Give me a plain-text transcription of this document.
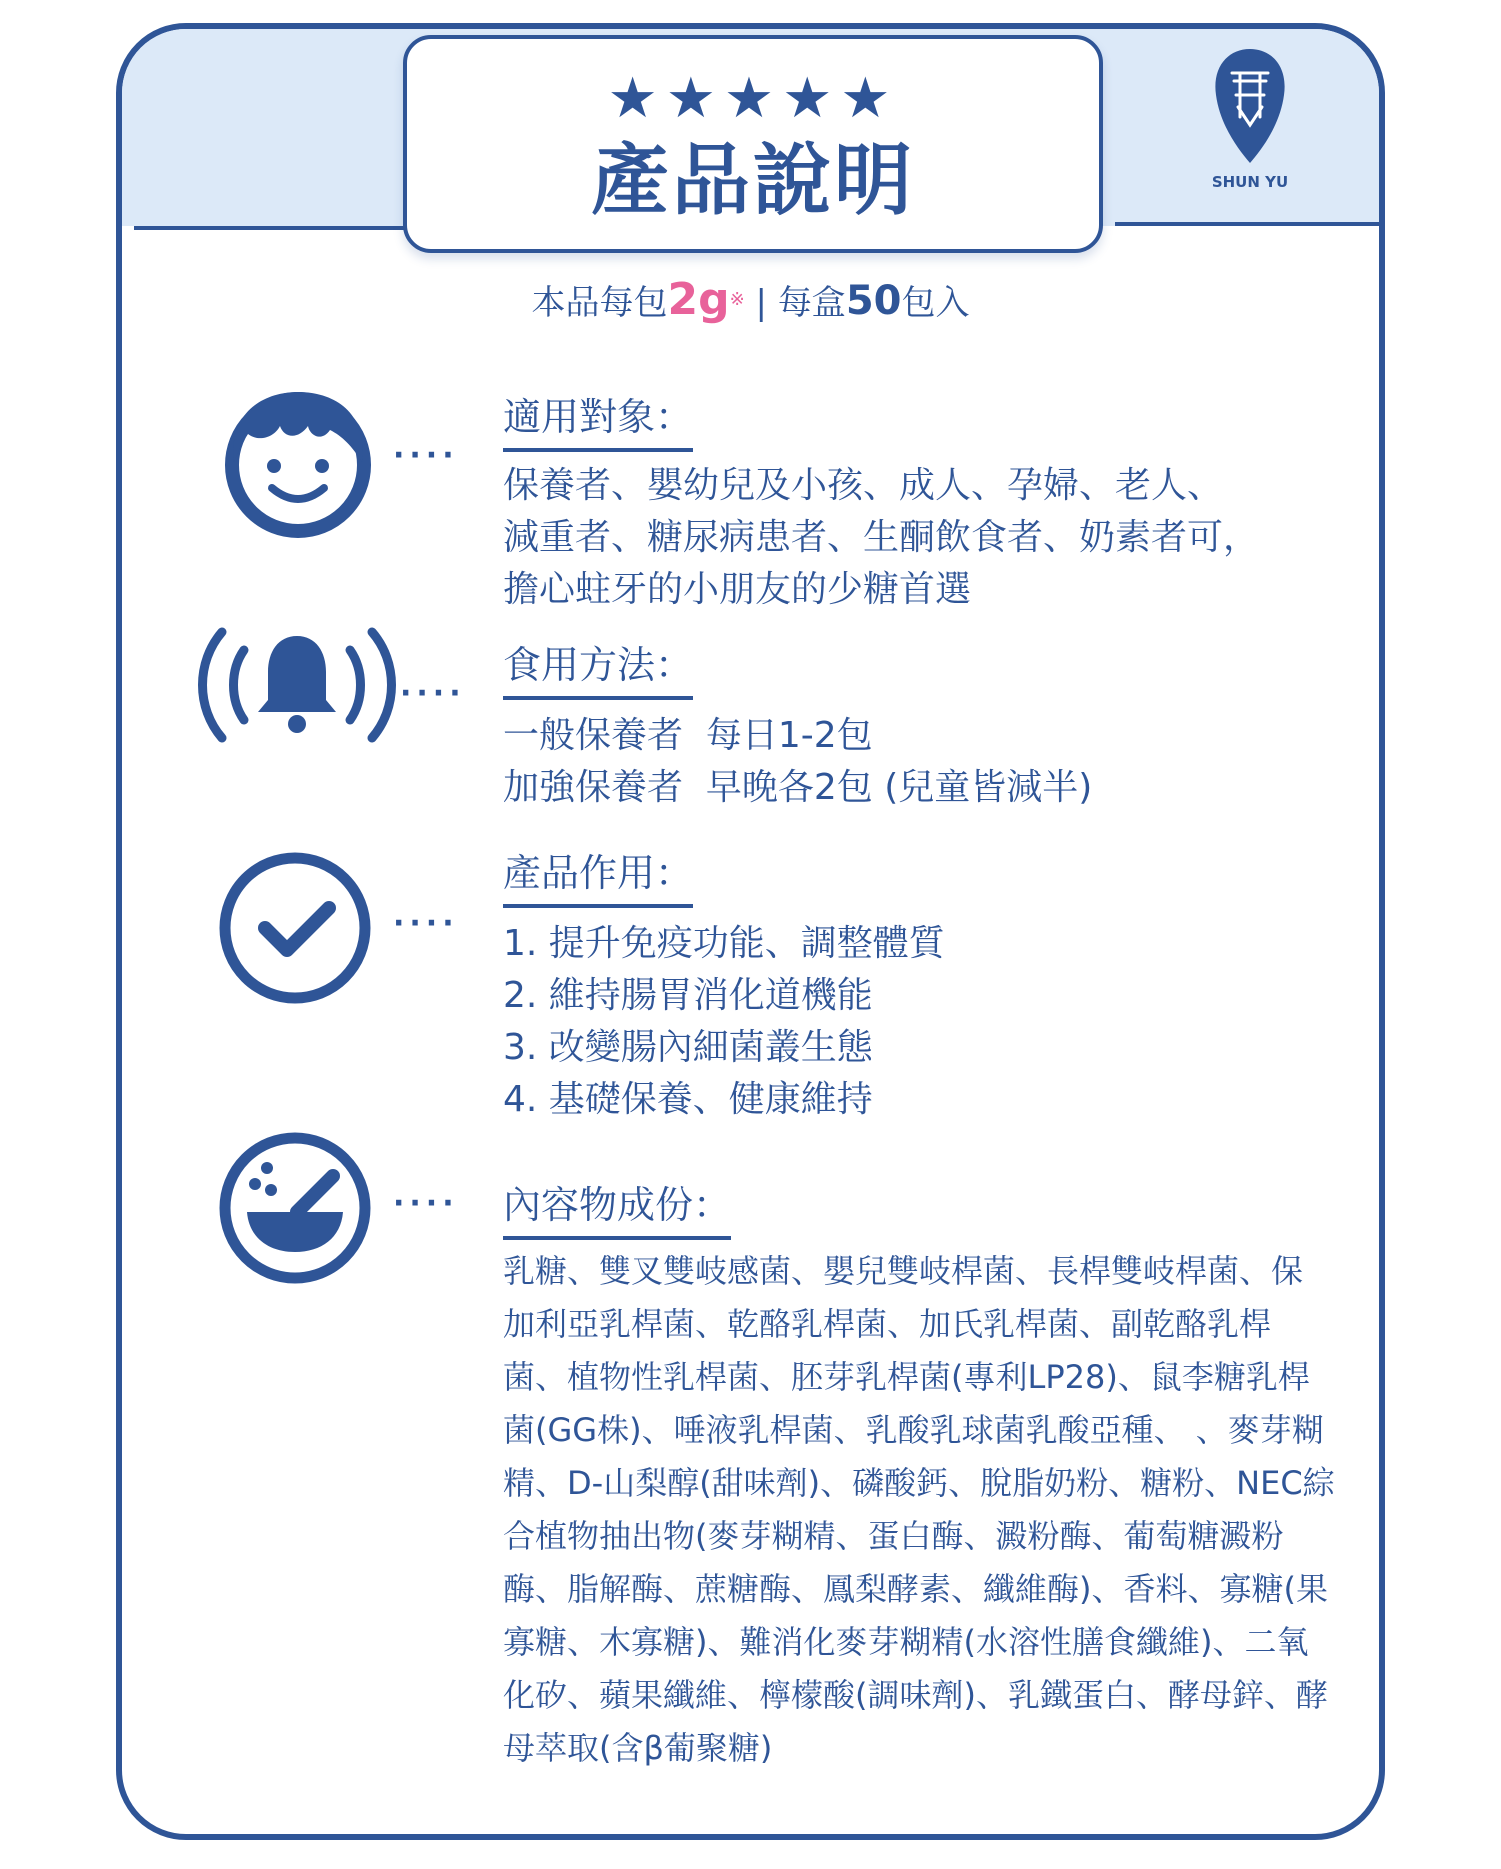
★★★★★
產品說明	SHUN YU
本品每包2g※ | 每盒50包入
····
適用對象：
保養者、嬰幼兒及小孩、成人、孕婦、老人、
減重者、糖尿病患者、生酮飲食者、奶素者可，
擔心蛀牙的小朋友的少糖首選
····
食用方法：
一般保養者  每日1-2包
加強保養者  早晚各2包 (兒童皆減半)
····
產品作用：
1. 提升免疫功能、調整體質
2. 維持腸胃消化道機能
3. 改變腸內細菌叢生態
4. 基礎保養、健康維持
···· 內容物成份：
乳糖、雙叉雙岐感菌、嬰兒雙岐桿菌、長桿雙岐桿菌、保
加利亞乳桿菌、乾酪乳桿菌、加氏乳桿菌、副乾酪乳桿
菌、植物性乳桿菌、胚芽乳桿菌(專利LP28)、鼠李糖乳桿
菌(GG株)、唾液乳桿菌、乳酸乳球菌乳酸亞種、 、麥芽糊
精、D-山梨醇(甜味劑)、磷酸鈣、脫脂奶粉、糖粉、NEC綜
合植物抽出物(麥芽糊精、蛋白酶、澱粉酶、葡萄糖澱粉
酶、脂解酶、蔗糖酶、鳳梨酵素、纖維酶)、香料、寡糖(果
寡糖、木寡糖)、難消化麥芽糊精(水溶性膳食纖維)、二氧
化矽、蘋果纖維、檸檬酸(調味劑)、乳鐵蛋白、酵母鋅、酵
母萃取(含β葡聚糖)
